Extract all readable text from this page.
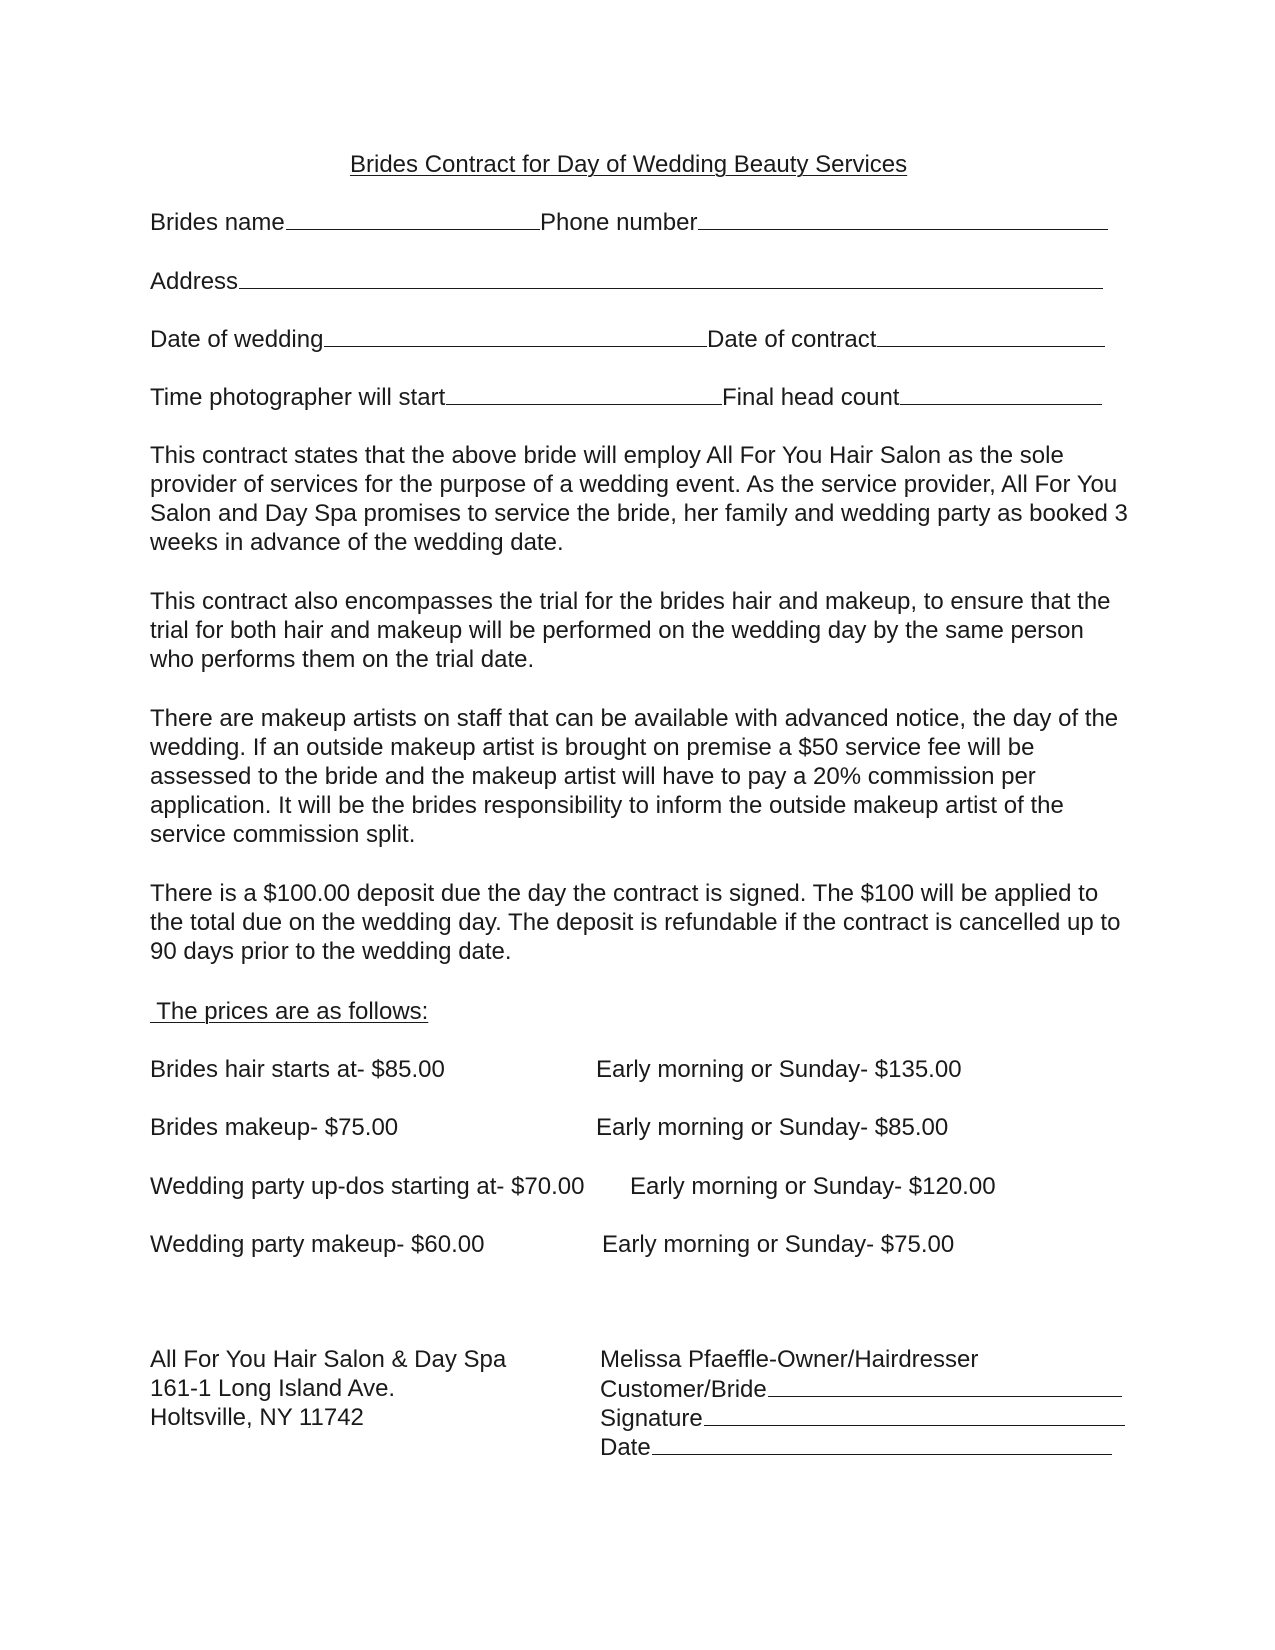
Brides Contract for Day of Wedding Beauty Services
Brides name	Phone number
Address
Date of wedding	Date of contract
Time photographer will start	Final head count

This contract states that the above bride will employ All For You Hair Salon as the sole provider of services for the purpose of a wedding event. As the service provider, All For You Salon and Day Spa promises to service the bride, her family and wedding party as booked 3 weeks in advance of the wedding date.

This contract also encompasses the trial for the brides hair and makeup, to ensure that the trial for both hair and makeup will be performed on the wedding day by the same person who performs them on the trial date.

There are makeup artists on staff that can be available with advanced notice, the day of the wedding. If an outside makeup artist is brought on premise a $50 service fee will be assessed to the bride and the makeup artist will have to pay a 20% commission per application. It will be the brides responsibility to inform the outside makeup artist of the service commission split.

There is a $100.00 deposit due the day the contract is signed. The $100 will be applied to the total due on the wedding day. The deposit is refundable if the contract is cancelled up to 90 days prior to the wedding date.

The prices are as follows:
Brides hair starts at- $85.00	Early morning or Sunday- $135.00
Brides makeup- $75.00	Early morning or Sunday- $85.00
Wedding party up-dos starting at- $70.00 Early morning or Sunday- $120.00
Wedding party makeup- $60.00	Early morning or Sunday- $75.00
All For You Hair Salon & Day Spa
161-1 Long Island Ave.
Holtsville, NY 11742
Melissa Pfaeffle-Owner/Hairdresser
Customer/Bride
Signature
Date
